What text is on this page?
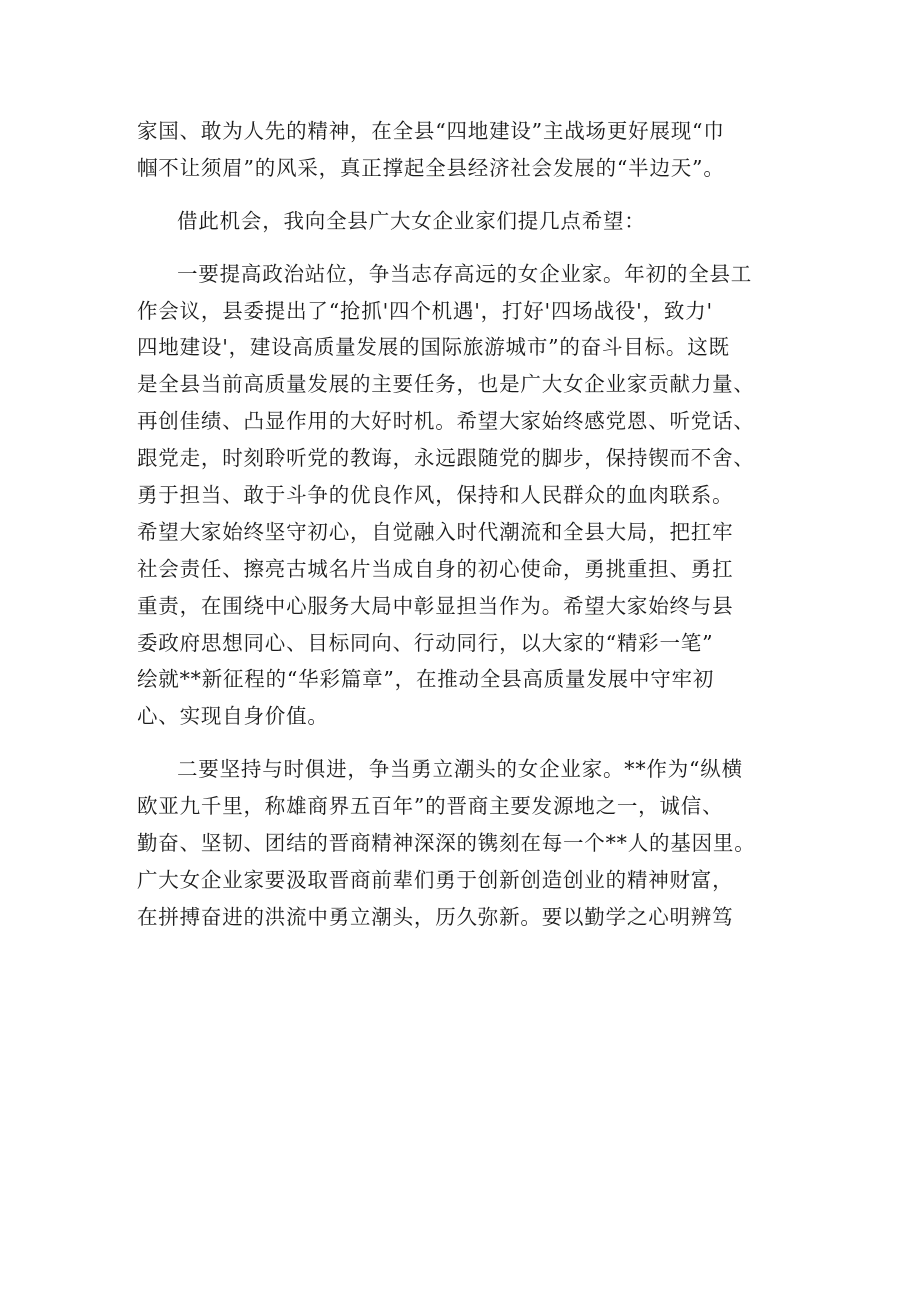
家国、敢为人先的精神，在全县“四地建设”主战场更好展现“巾
帼不让须眉”的风采，真正撑起全县经济社会发展的“半边天”。
借此机会，我向全县广大女企业家们提几点希望：
一要提高政治站位，争当志存高远的女企业家。年初的全县工
作会议，县委提出了“抢抓'四个机遇'，打好'四场战役'，致力'
四地建设'，建设高质量发展的国际旅游城市”的奋斗目标。这既
是全县当前高质量发展的主要任务，也是广大女企业家贡献力量、
再创佳绩、凸显作用的大好时机。希望大家始终感党恩、听党话、
跟党走，时刻聆听党的教诲，永远跟随党的脚步，保持锲而不舍、
勇于担当、敢于斗争的优良作风，保持和人民群众的血肉联系。
希望大家始终坚守初心，自觉融入时代潮流和全县大局，把扛牢
社会责任、擦亮古城名片当成自身的初心使命，勇挑重担、勇扛
重责，在围绕中心服务大局中彰显担当作为。希望大家始终与县
委政府思想同心、目标同向、行动同行，以大家的“精彩一笔”
绘就**新征程的“华彩篇章”，在推动全县高质量发展中守牢初
心、实现自身价值。
二要坚持与时俱进，争当勇立潮头的女企业家。**作为“纵横
欧亚九千里，称雄商界五百年”的晋商主要发源地之一，诚信、
勤奋、坚韧、团结的晋商精神深深的镌刻在每一个**人的基因里。
广大女企业家要汲取晋商前辈们勇于创新创造创业的精神财富，
在拼搏奋进的洪流中勇立潮头，历久弥新。要以勤学之心明辨笃
